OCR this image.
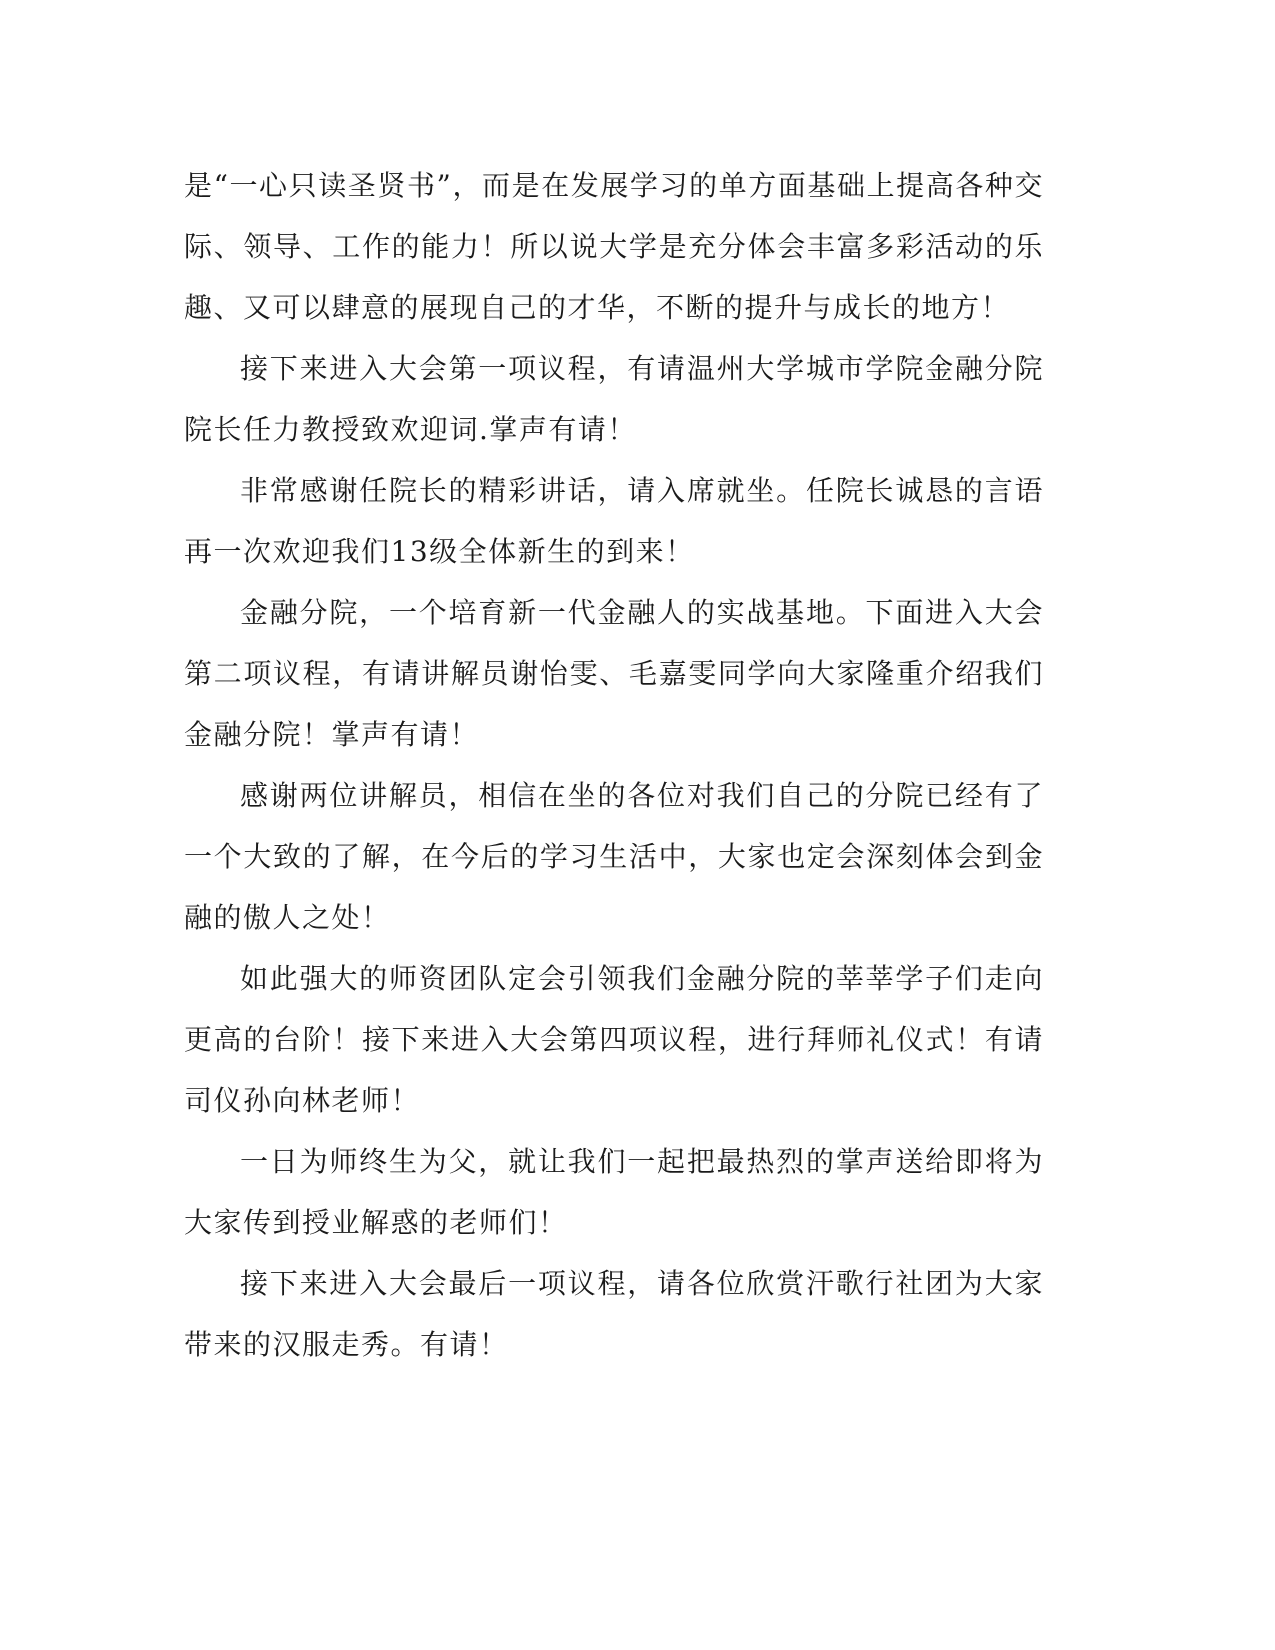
是“一心只读圣贤书”，而是在发展学习的单方面基础上提高各种交际、领导、工作的能力！所以说大学是充分体会丰富多彩活动的乐趣、又可以肆意的展现自己的才华，不断的提升与成长的地方！

接下来进入大会第一项议程，有请温州大学城市学院金融分院院长任力教授致欢迎词.掌声有请！

非常感谢任院长的精彩讲话，请入席就坐。任院长诚恳的言语再一次欢迎我们13级全体新生的到来！

金融分院，一个培育新一代金融人的实战基地。下面进入大会第二项议程，有请讲解员谢怡雯、毛嘉雯同学向大家隆重介绍我们金融分院！掌声有请！

感谢两位讲解员，相信在坐的各位对我们自己的分院已经有了一个大致的了解，在今后的学习生活中，大家也定会深刻体会到金融的傲人之处！

如此强大的师资团队定会引领我们金融分院的莘莘学子们走向更高的台阶！接下来进入大会第四项议程，进行拜师礼仪式！有请司仪孙向林老师！

一日为师终生为父，就让我们一起把最热烈的掌声送给即将为大家传到授业解惑的老师们！

接下来进入大会最后一项议程，请各位欣赏汗歌行社团为大家带来的汉服走秀。有请！
